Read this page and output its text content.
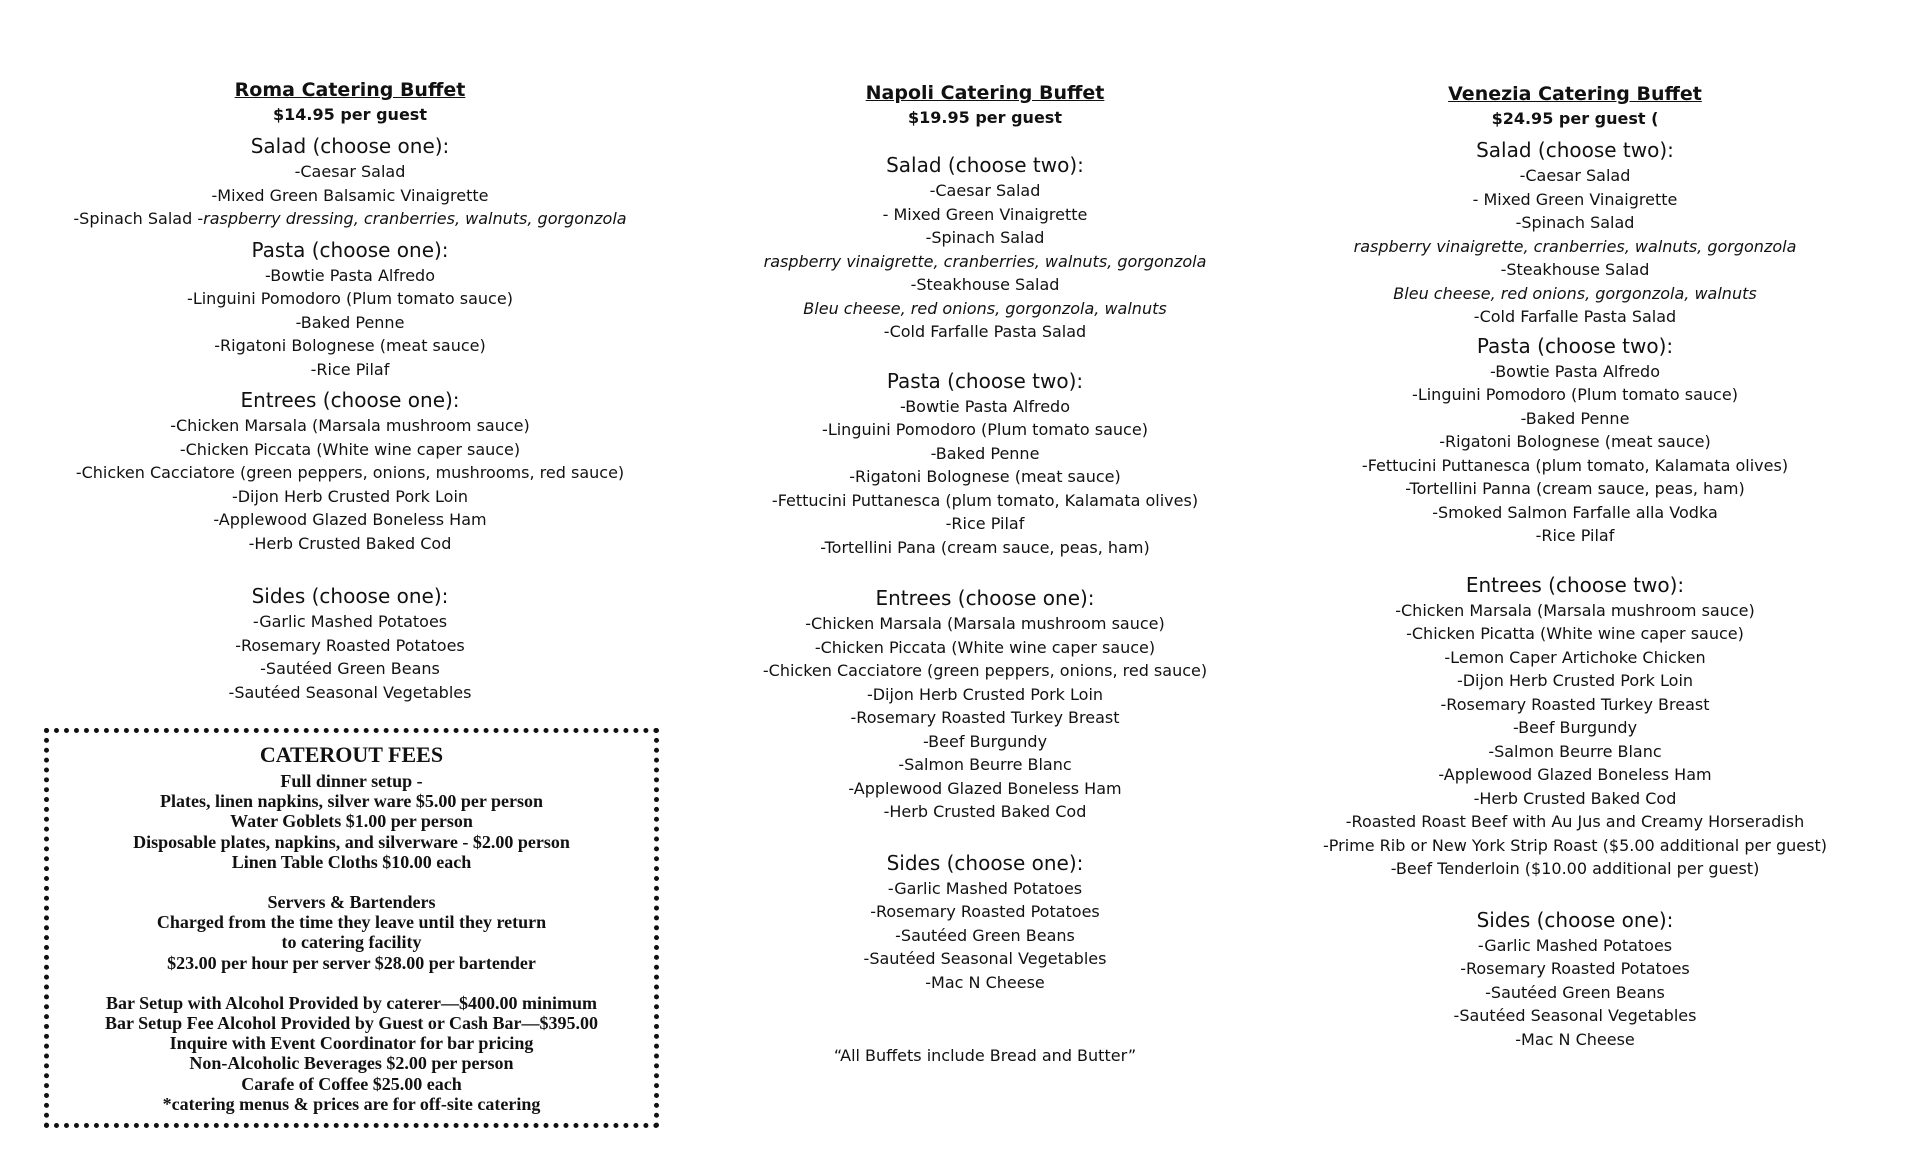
Roma Catering Buffet
$14.95 per guest
Salad (choose one):
-Caesar Salad
-Mixed Green Balsamic Vinaigrette
-Spinach Salad -raspberry dressing, cranberries, walnuts, gorgonzola
Pasta (choose one):
-Bowtie Pasta Alfredo
-Linguini Pomodoro (Plum tomato sauce)
-Baked Penne
-Rigatoni Bolognese (meat sauce)
-Rice Pilaf
Entrees (choose one):
-Chicken Marsala (Marsala mushroom sauce)
-Chicken Piccata (White wine caper sauce)
-Chicken Cacciatore (green peppers, onions, mushrooms, red sauce)
-Dijon Herb Crusted Pork Loin
-Applewood Glazed Boneless Ham
-Herb Crusted Baked Cod
Sides (choose one):
-Garlic Mashed Potatoes
-Rosemary Roasted Potatoes
-Sautéed Green Beans
-Sautéed Seasonal Vegetables
Napoli Catering Buffet
$19.95 per guest
Salad (choose two):
-Caesar Salad
- Mixed Green Vinaigrette
-Spinach Salad
raspberry vinaigrette, cranberries, walnuts, gorgonzola
-Steakhouse Salad
Bleu cheese, red onions, gorgonzola, walnuts
-Cold Farfalle Pasta Salad
Pasta (choose two):
-Bowtie Pasta Alfredo
-Linguini Pomodoro (Plum tomato sauce)
-Baked Penne
-Rigatoni Bolognese (meat sauce)
-Fettucini Puttanesca (plum tomato, Kalamata olives)
-Rice Pilaf
-Tortellini Pana (cream sauce, peas, ham)
Entrees (choose one):
-Chicken Marsala (Marsala mushroom sauce)
-Chicken Piccata (White wine caper sauce)
-Chicken Cacciatore (green peppers, onions, red sauce)
-Dijon Herb Crusted Pork Loin
-Rosemary Roasted Turkey Breast
-Beef Burgundy
-Salmon Beurre Blanc
-Applewood Glazed Boneless Ham
-Herb Crusted Baked Cod
Sides (choose one):
-Garlic Mashed Potatoes
-Rosemary Roasted Potatoes
-Sautéed Green Beans
-Sautéed Seasonal Vegetables
-Mac N Cheese
Venezia Catering Buffet
$24.95 per guest (
Salad (choose two):
-Caesar Salad
- Mixed Green Vinaigrette
-Spinach Salad
raspberry vinaigrette, cranberries, walnuts, gorgonzola
-Steakhouse Salad
Bleu cheese, red onions, gorgonzola, walnuts
-Cold Farfalle Pasta Salad
Pasta (choose two):
-Bowtie Pasta Alfredo
-Linguini Pomodoro (Plum tomato sauce)
-Baked Penne
-Rigatoni Bolognese (meat sauce)
-Fettucini Puttanesca (plum tomato, Kalamata olives)
-Tortellini Panna (cream sauce, peas, ham)
-Smoked Salmon Farfalle alla Vodka
-Rice Pilaf
Entrees (choose two):
-Chicken Marsala (Marsala mushroom sauce)
-Chicken Picatta (White wine caper sauce)
-Lemon Caper Artichoke Chicken
-Dijon Herb Crusted Pork Loin
-Rosemary Roasted Turkey Breast
-Beef Burgundy
-Salmon Beurre Blanc
-Applewood Glazed Boneless Ham
-Herb Crusted Baked Cod
-Roasted Roast Beef with Au Jus and Creamy Horseradish
-Prime Rib or New York Strip Roast ($5.00 additional per guest)
-Beef Tenderloin ($10.00 additional per guest)
Sides (choose one):
-Garlic Mashed Potatoes
-Rosemary Roasted Potatoes
-Sautéed Green Beans
-Sautéed Seasonal Vegetables
-Mac N Cheese
CATEROUT FEES
Full dinner setup -
Plates, linen napkins, silver ware $5.00 per person
Water Goblets $1.00 per person
Disposable plates, napkins, and silverware - $2.00 person
Linen Table Cloths $10.00 each
Servers & Bartenders
Charged from the time they leave until they return
to catering facility
$23.00 per hour per server $28.00 per bartender
Bar Setup with Alcohol Provided by caterer—$400.00 minimum
Bar Setup Fee Alcohol Provided by Guest or Cash Bar—$395.00
Inquire with Event Coordinator for bar pricing
Non-Alcoholic Beverages $2.00 per person
Carafe of Coffee $25.00 each
*catering menus & prices are for off-site catering
“All Buffets include Bread and Butter”
